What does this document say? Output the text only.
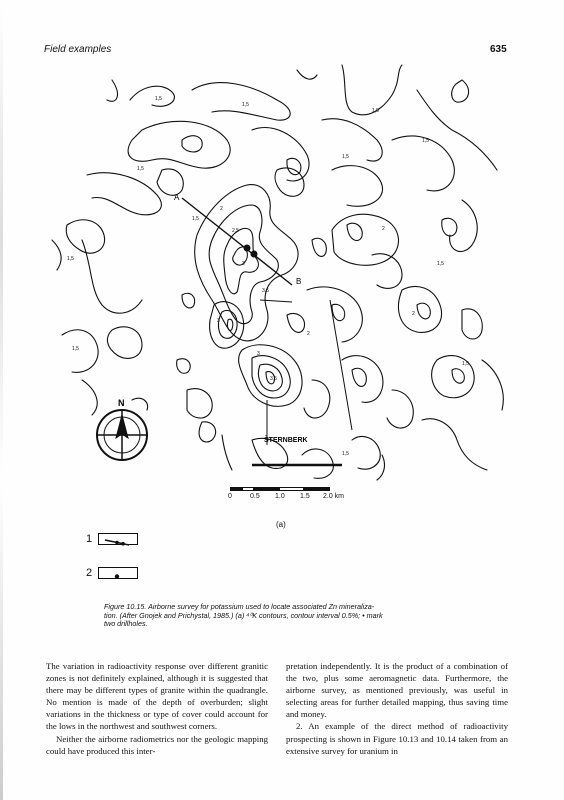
Field examples	635
A
B
1,5
1,5
1,5
1,5
1,5
1,5
1,5
1,5
1,5
1,5
1,5
1,5
2
2
2
2
2,5
3
3
3
3,5
3,5
ŠTERNBERK
N
0	0.5 1.0 1.5 2.0 km
(a)
1
2
Figure 10.15. Airborne survey for potassium used to locate associated Zn mineraliza-
tion. (After Gnojek and Prichystal, 1985.) (a) ⁴⁰K contours, contour interval 0.5%; • mark
two drillholes.

The variation in radioactivity response over different granitic zones is not definitely explained, although it is suggested that there may be different types of granite within the quadrangle. No mention is made of the depth of overburden; slight variations in the thickness or type of cover could account for the lows in the northwest and southwest corners.

Neither the airborne radiometrics nor the geologic mapping could have produced this inter-

pretation independently. It is the product of a combination of the two, plus some aeromagnetic data. Furthermore, the airborne survey, as mentioned previously, was useful in selecting areas for further detailed mapping, thus saving time and money.

2. An example of the direct method of radioactivity prospecting is shown in Figure 10.13 and 10.14 taken from an extensive survey for uranium in
